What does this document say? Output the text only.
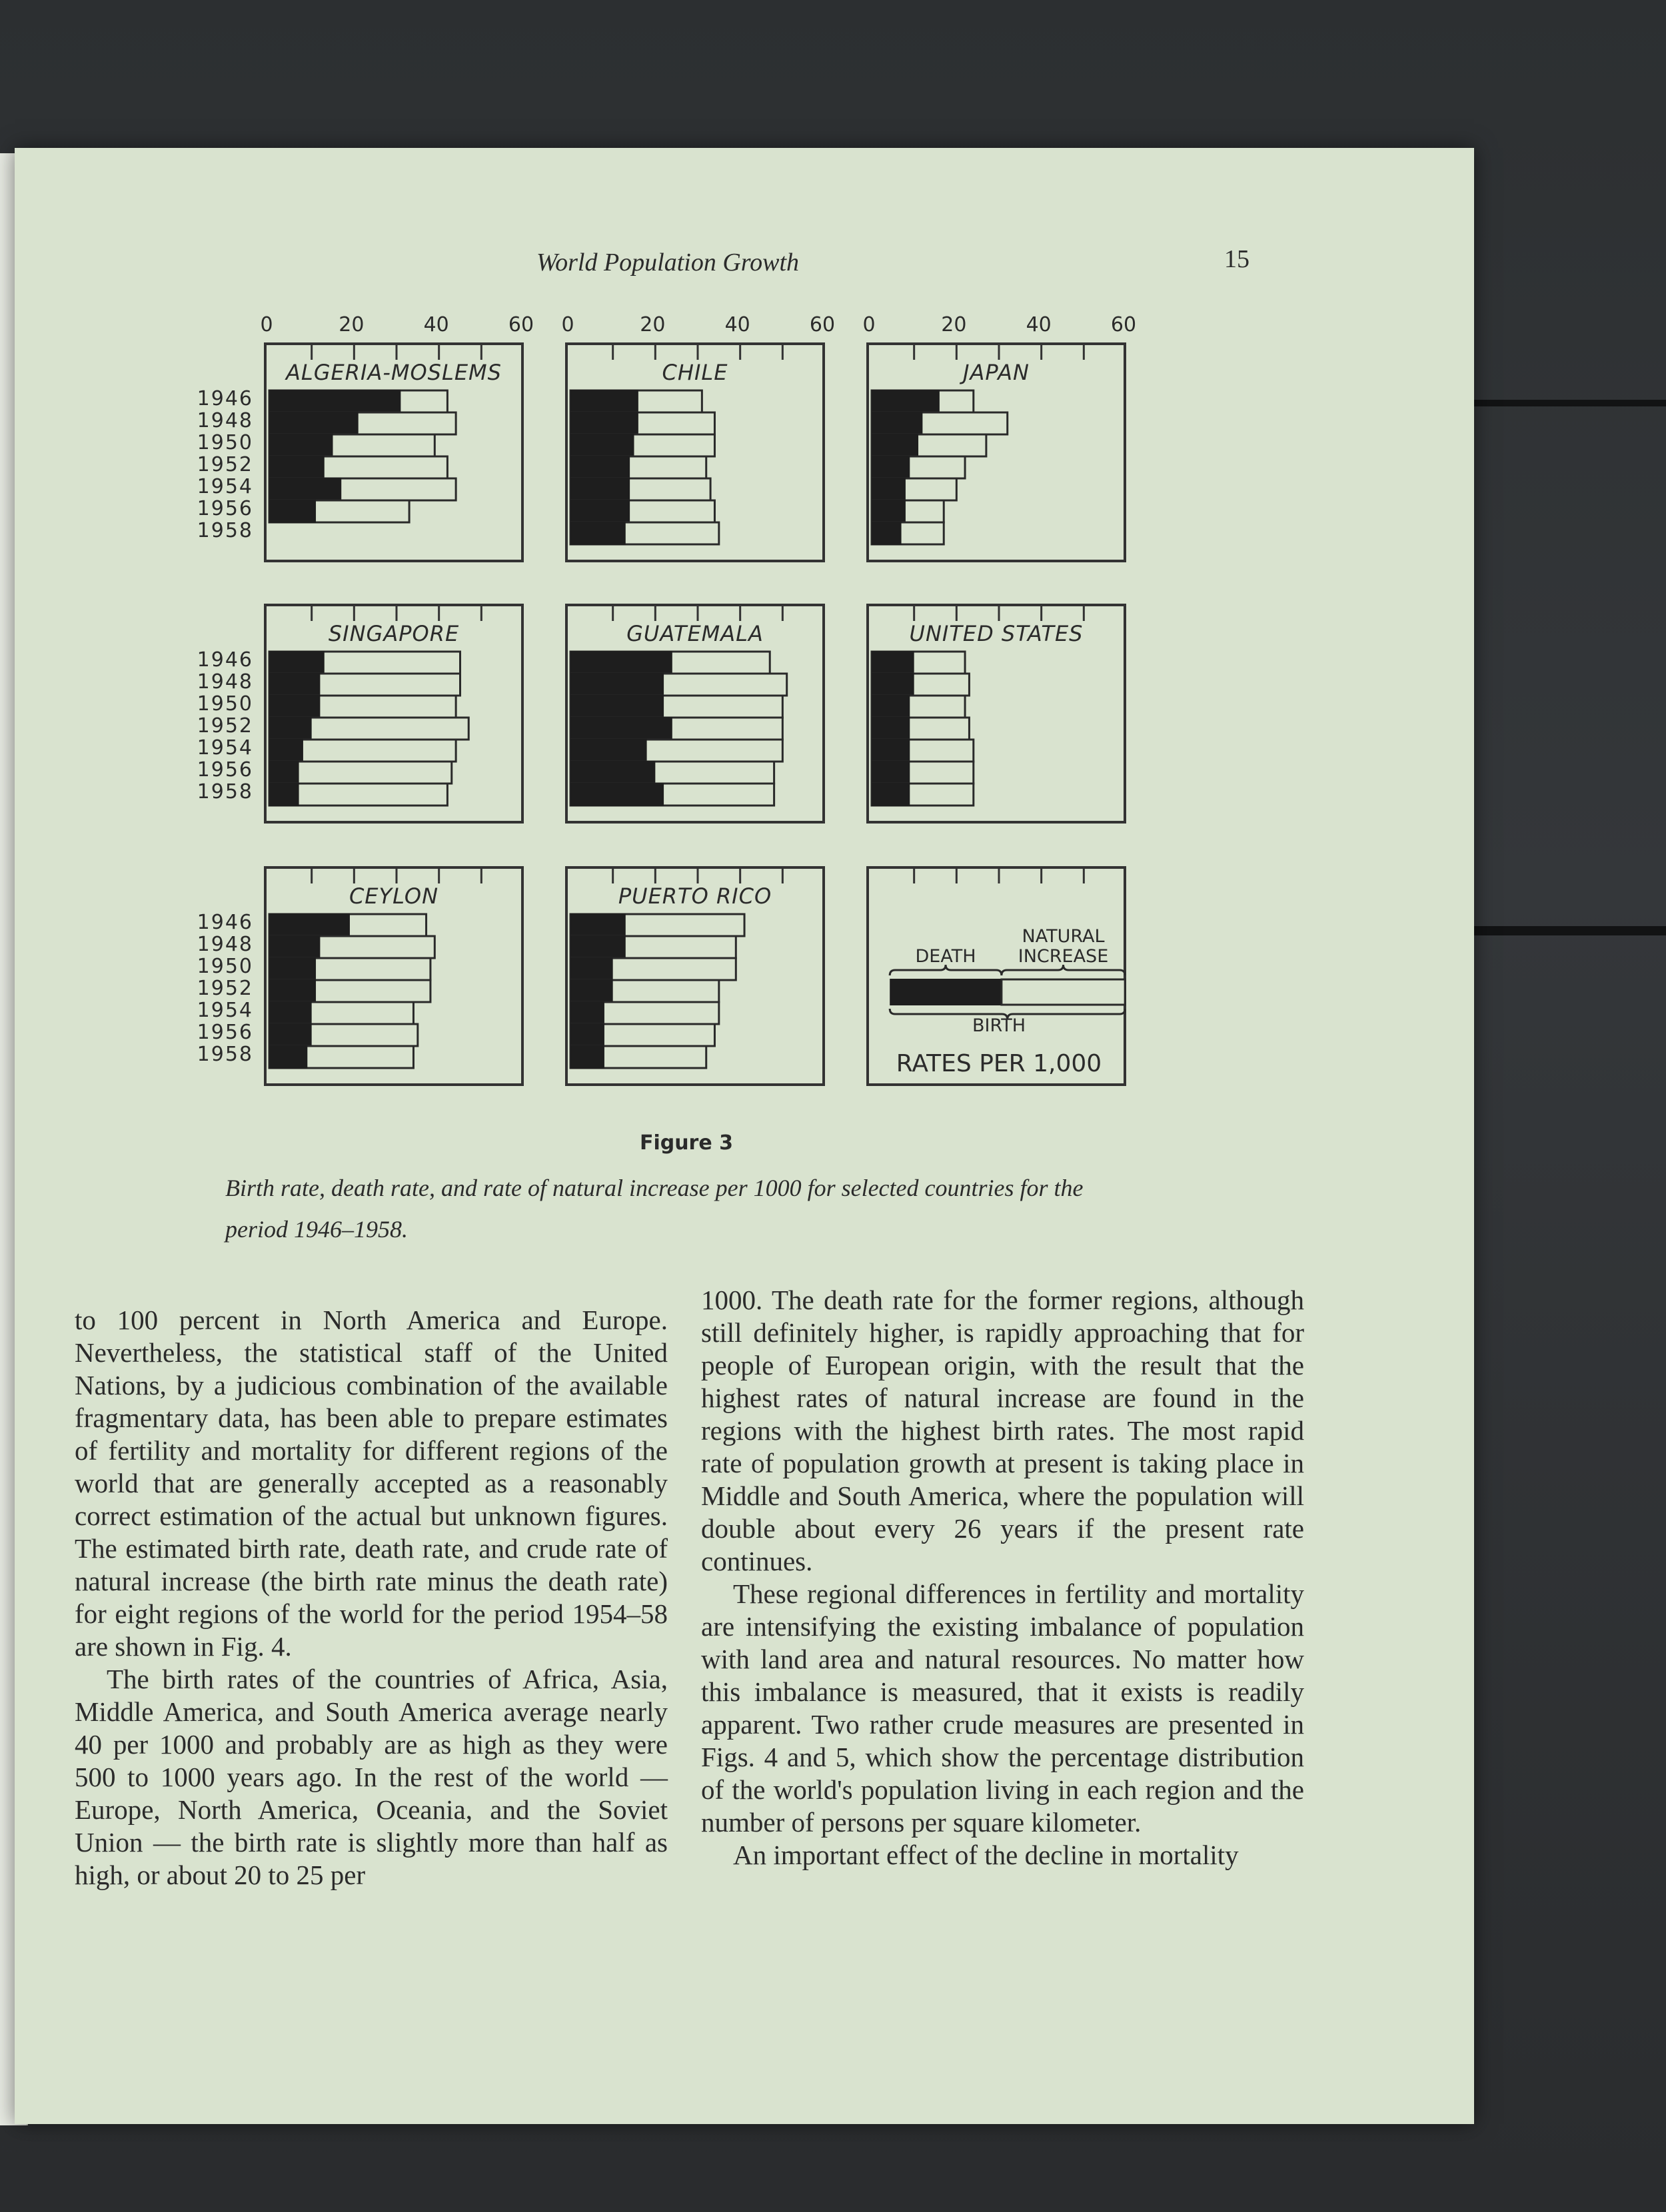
World Population Growth	15
0	20	40	60 0	20	40	60 0	20	40	60
1946
1948
1950
1952
1954
1956
1958
1946
1948
1950
1952
1954
1956
1958
1946
1948
1950
1952
1954
1956
1958
ALGERIA-MOSLEMS	CHILE	JAPAN
SINGAPORE	GUATEMALA	UNITED STATES
CEYLON	PUERTO RICO
NATURAL
INCREASE
DEATH
BIRTH
RATES PER 1,000
Figure 3
Birth rate, death rate, and rate of natural increase per 1000 for selected countries for the period 1946–1958.

to 100 percent in North America and Europe. Nevertheless, the statistical staff of the United Nations, by a judicious combination of the available fragmentary data, has been able to prepare estimates of fertility and mortality for different regions of the world that are generally accepted as a reasonably correct estimation of the actual but unknown figures. The estimated birth rate, death rate, and crude rate of natural increase (the birth rate minus the death rate) for eight regions of the world for the period 1954–58 are shown in Fig. 4.

The birth rates of the countries of Africa, Asia, Middle America, and South America average nearly 40 per 1000 and probably are as high as they were 500 to 1000 years ago. In the rest of the world — Europe, North America, Oceania, and the Soviet Union — the birth rate is slightly more than half as high, or about 20 to 25 per

1000. The death rate for the former regions, although still definitely higher, is rapidly approaching that for people of European origin, with the result that the highest rates of natural increase are found in the regions with the highest birth rates. The most rapid rate of population growth at present is taking place in Middle and South America, where the population will double about every 26 years if the present rate continues.

These regional differences in fertility and mortality are intensifying the existing imbalance of population with land area and natural resources. No matter how this imbalance is measured, that it exists is readily apparent. Two rather crude measures are presented in Figs. 4 and 5, which show the percentage distribution of the world's population living in each region and the number of persons per square kilometer.

An important effect of the decline in mortality
